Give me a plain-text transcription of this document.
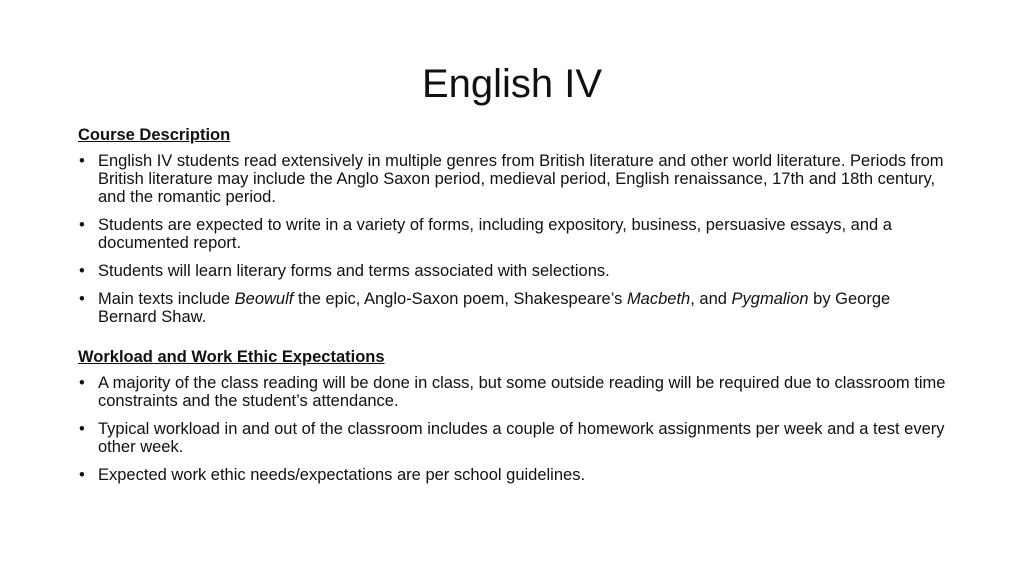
English IV
Course Description
• English IV students read extensively in multiple genres from British literature and other world literature. Periods from British literature may include the Anglo Saxon period, medieval period, English renaissance, 17th and 18th century, and the romantic period.
• Students are expected to write in a variety of forms, including expository, business, persuasive essays, and a documented report.
• Students will learn literary forms and terms associated with selections.
• Main texts include Beowulf the epic, Anglo-Saxon poem, Shakespeare’s Macbeth, and Pygmalion by George Bernard Shaw.
Workload and Work Ethic Expectations
• A majority of the class reading will be done in class, but some outside reading will be required due to classroom time constraints and the student’s attendance.
• Typical workload in and out of the classroom includes a couple of homework assignments per week and a test every other week.
• Expected work ethic needs/expectations are per school guidelines.
